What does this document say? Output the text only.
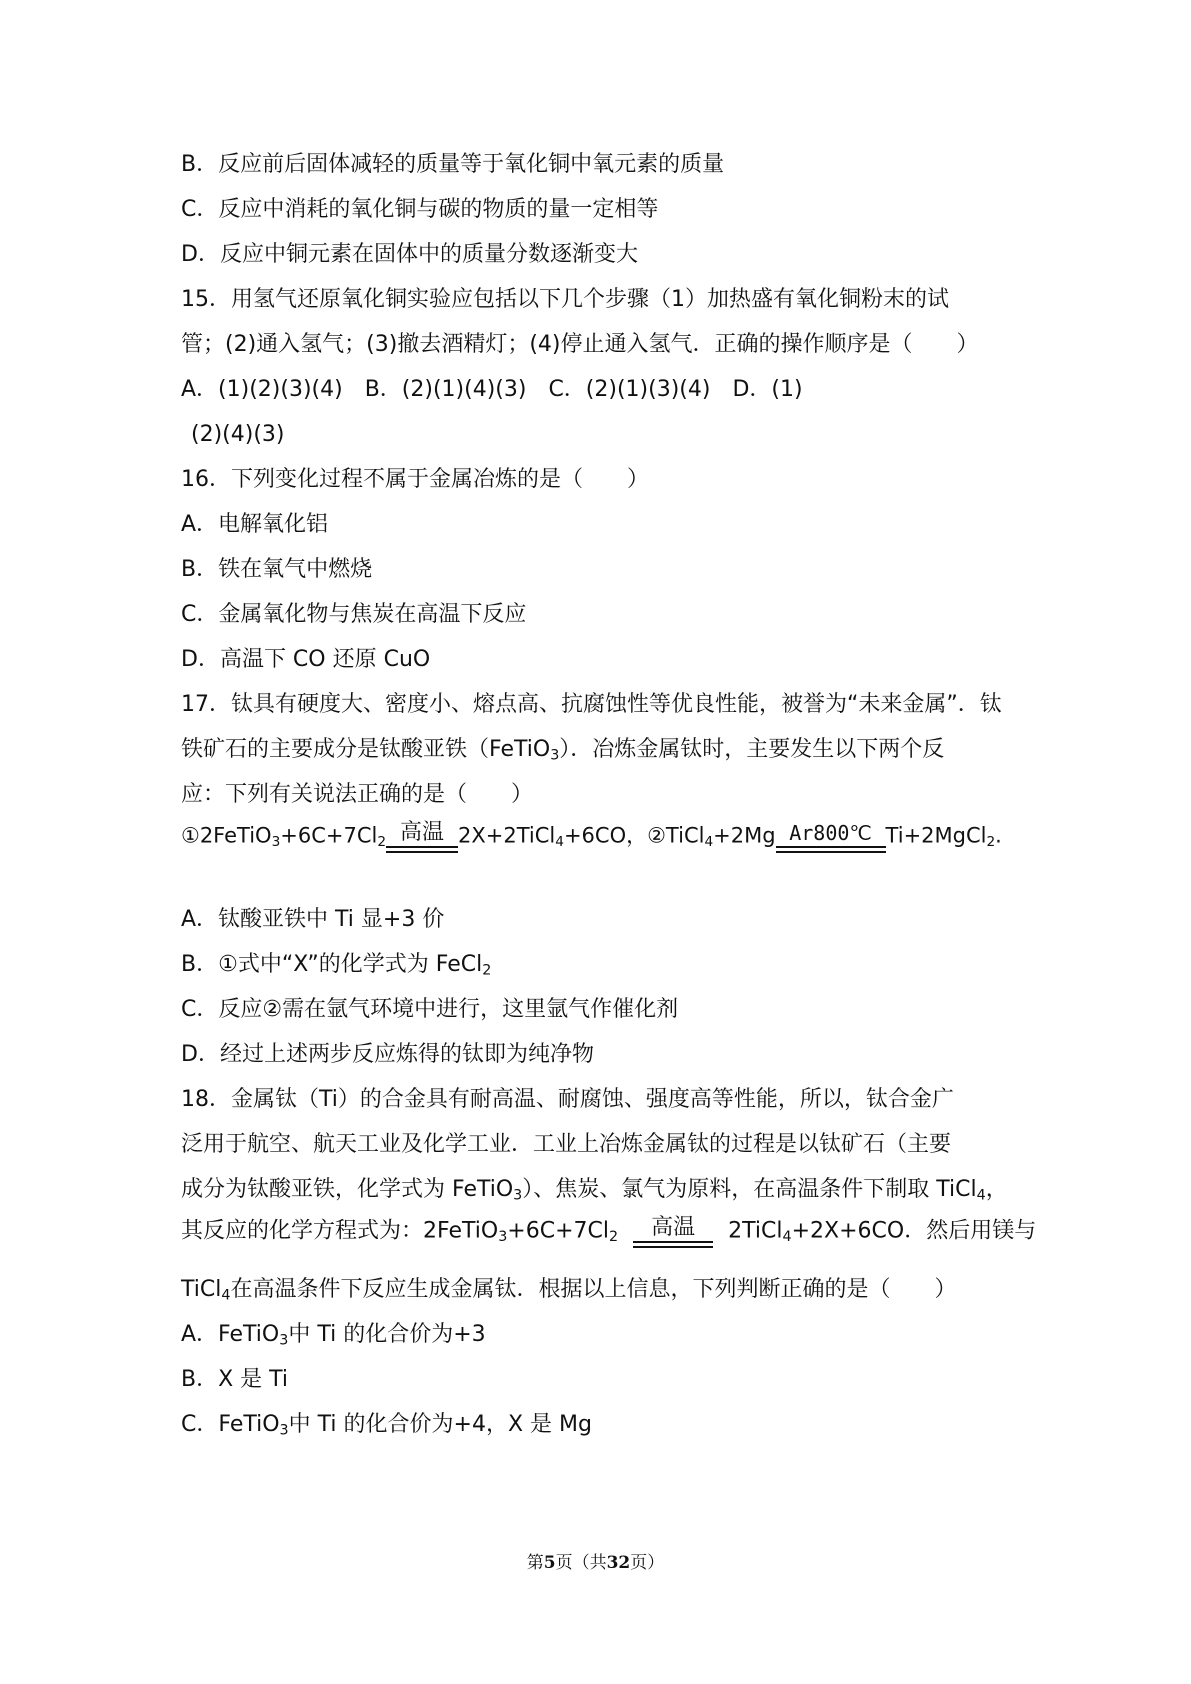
B．反应前后固体减轻的质量等于氧化铜中氧元素的质量
C．反应中消耗的氧化铜与碳的物质的量一定相等
D．反应中铜元素在固体中的质量分数逐渐变大
15．用氢气还原氧化铜实验应包括以下几个步骤（1）加热盛有氧化铜粉末的试
管；(2)通入氢气；(3)撤去酒精灯；(4)停止通入氢气．正确的操作顺序是（　　）
A．(1)(2)(3)(4)　B．(2)(1)(4)(3)　C．(2)(1)(3)(4)　D．(1)
(2)(4)(3)
16．下列变化过程不属于金属冶炼的是（　　）
A．电解氧化铝
B．铁在氧气中燃烧
C．金属氧化物与焦炭在高温下反应
D．高温下 CO 还原 CuO
17．钛具有硬度大、密度小、熔点高、抗腐蚀性等优良性能，被誉为“未来金属”．钛
铁矿石的主要成分是钛酸亚铁（FeTiO$_3$）．冶炼金属钛时，主要发生以下两个反
应：下列有关说法正确的是（　　）
$①2FeTiO_3+6C+7Cl_2$ 高温 2X+2TiCl$_4$+6CO，②TiCl$_4$+2Mg Ar800℃ Ti+2MgCl$_2$.
A．钛酸亚铁中 Ti 显+3 价
B．①式中“X”的化学式为 FeCl$_2$
C．反应②需在氩气环境中进行，这里氩气作催化剂
D．经过上述两步反应炼得的钛即为纯净物
18．金属钛（Ti）的合金具有耐高温、耐腐蚀、强度高等性能，所以，钛合金广
泛用于航空、航天工业及化学工业．工业上冶炼金属钛的过程是以钛矿石（主要
成分为钛酸亚铁，化学式为 FeTiO$_3$）、焦炭、氯气为原料，在高温条件下制取 TiCl$_4$，
其反应的化学方程式为：$2FeTiO_3+6C+7Cl_2$	高温	2TiCl$_4$+2X+6CO．然后用镁与
TiCl$_4$在高温条件下反应生成金属钛．根据以上信息，下列判断正确的是（　　）
A．FeTiO$_3$中 Ti 的化合价为+3
B．X 是 Ti
C．FeTiO$_3$中 Ti 的化合价为+4，X 是 Mg
第5页（共32页）
